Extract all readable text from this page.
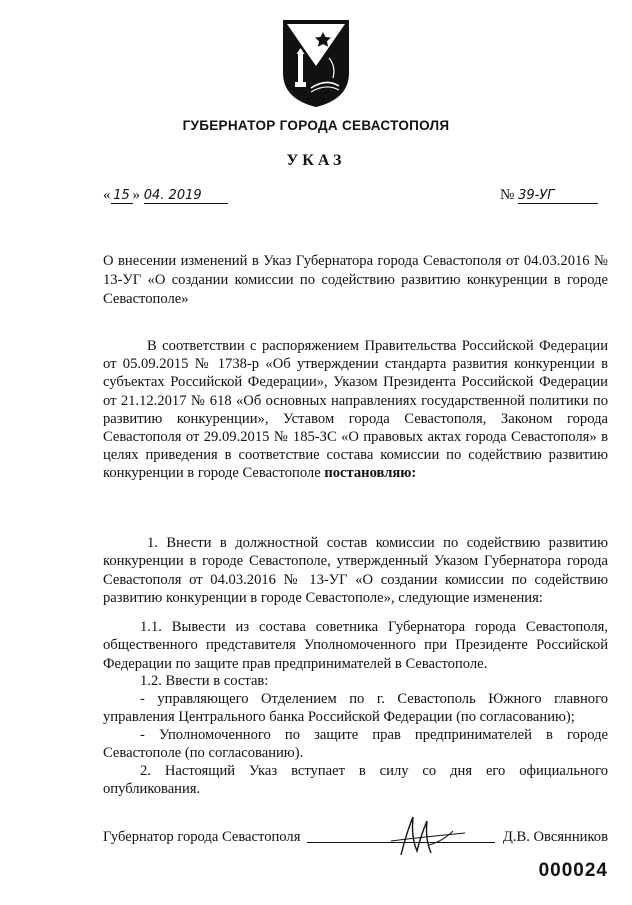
ГУБЕРНАТОР ГОРОДА СЕВАСТОПОЛЯ
УКАЗ
« 15 » 04. 2019	№ 39-УГ
О внесении изменений в Указ Губернатора города Севастополя от 04.03.2016 № 13-УГ «О создании комиссии по содействию развитию конкуренции в городе Севастополе»
В соответствии с распоряжением Правительства Российской Федерации от 05.09.2015 № 1738-р «Об утверждении стандарта развития конкуренции в субъектах Российской Федерации», Указом Президента Российской Федерации от 21.12.2017 № 618 «Об основных направлениях государственной политики по развитию конкуренции», Уставом города Севастополя, Законом города Севастополя от 29.09.2015 № 185-ЗС «О правовых актах города Севастополя» в целях приведения в соответствие состава комиссии по содействию развитию конкуренции в городе Севастополе постановляю:
1. Внести в должностной состав комиссии по содействию развитию конкуренции в городе Севастополе, утвержденный Указом Губернатора города Севастополя от 04.03.2016 № 13-УГ «О создании комиссии по содействию развитию конкуренции в городе Севастополе», следующие изменения:
1.1. Вывести из состава советника Губернатора города Севастополя, общественного представителя Уполномоченного при Президенте Российской Федерации по защите прав предпринимателей в Севастополе.
1.2. Ввести в состав:
- управляющего Отделением по г. Севастополь Южного главного управления Центрального банка Российской Федерации (по согласованию);
- Уполномоченного по защите прав предпринимателей в городе Севастополе (по согласованию).
2. Настоящий Указ вступает в силу со дня его официального опубликования.
Губернатор города Севастополя	Д.В. Овсянников
000024
